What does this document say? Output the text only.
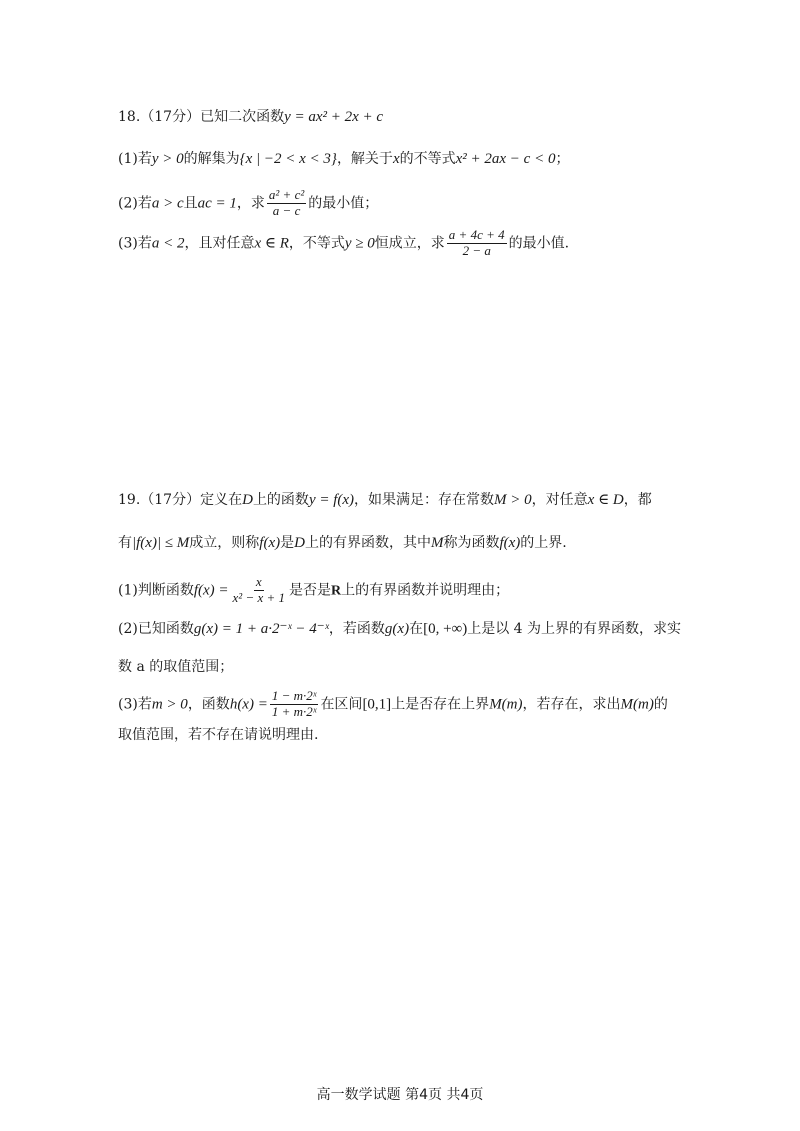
18.（17分）已知二次函数y = ax² + 2x + c
(1)若y > 0的解集为{x | −2 < x < 3}，解关于x的不等式x² + 2ax − c < 0；
(2)若a > c且ac = 1，求 $\frac{\text{a² + c²}}{a - c}$ 的最小值；
(3)若a < 2，且对任意x ∈ R，不等式y ≥ 0恒成立，求 $\frac{a + 4c + 4}{2 - a}$ 的最小值.
19.（17分）定义在D上的函数y = f(x)，如果满足：存在常数M > 0，对任意x ∈ D，都
有|f(x)| ≤ M成立，则称f(x)是D上的有界函数，其中M称为函数f(x)的上界.
(1)判断函数$f(x) = \frac{x}{\text{x² − x + 1}}$ 是否是R上的有界函数并说明理由；
(2)已知函数g(x) = 1 + a·2⁻ˣ − 4⁻ˣ，若函数g(x)在[0, +∞)上是以 4 为上界的有界函数，求实
数 a 的取值范围；
(3)若m > 0，函数$h(x) = \frac{\text{1 − m·2ˣ}}{\text{1 + m·2ˣ}}$ 在区间[0,1]上是否存在上界M(m)，若存在，求出M(m)的
取值范围，若不存在请说明理由.
高一数学试题 第4页 共4页
